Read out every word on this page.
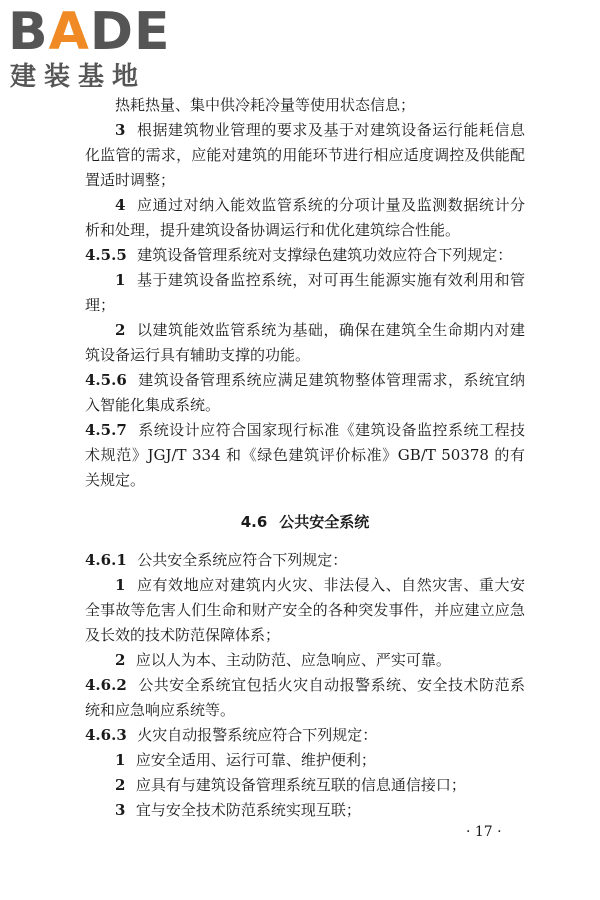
BADE
建装基地

热耗热量、集中供冷耗冷量等使用状态信息；

3 根据建筑物业管理的要求及基于对建筑设备运行能耗信息化监管的需求，应能对建筑的用能环节进行相应适度调控及供能配置适时调整；

4 应通过对纳入能效监管系统的分项计量及监测数据统计分析和处理，提升建筑设备协调运行和优化建筑综合性能。

4.5.5 建筑设备管理系统对支撑绿色建筑功效应符合下列规定：

1 基于建筑设备监控系统，对可再生能源实施有效利用和管理；

2 以建筑能效监管系统为基础，确保在建筑全生命期内对建筑设备运行具有辅助支撑的功能。

4.5.6 建筑设备管理系统应满足建筑物整体管理需求，系统宜纳入智能化集成系统。

4.5.7 系统设计应符合国家现行标准《建筑设备监控系统工程技术规范》JGJ/T 334 和《绿色建筑评价标准》GB/T 50378 的有关规定。

4.6 公共安全系统

4.6.1 公共安全系统应符合下列规定：

1 应有效地应对建筑内火灾、非法侵入、自然灾害、重大安全事故等危害人们生命和财产安全的各种突发事件，并应建立应急及长效的技术防范保障体系；

2 应以人为本、主动防范、应急响应、严实可靠。

4.6.2 公共安全系统宜包括火灾自动报警系统、安全技术防范系统和应急响应系统等。

4.6.3 火灾自动报警系统应符合下列规定：

1 应安全适用、运行可靠、维护便利；

2 应具有与建筑设备管理系统互联的信息通信接口；

3 宜与安全技术防范系统实现互联；

· 17 ·
